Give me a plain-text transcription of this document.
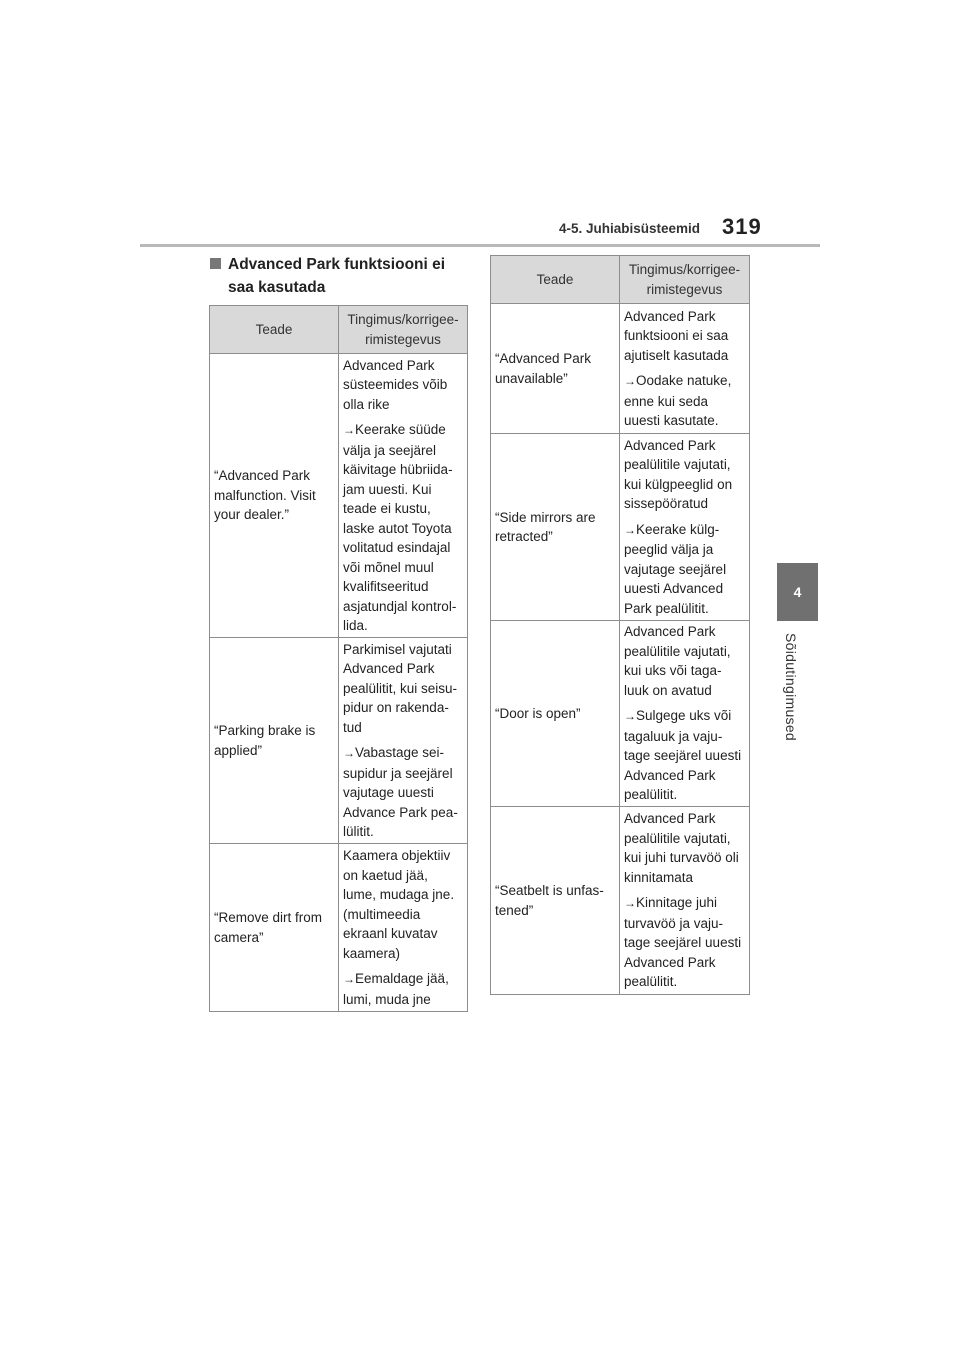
4-5. Juhiabisüsteemid 319
4
Sõidutingimused
Advanced Park funktsiooni ei
saa kasutada
Teade	Tingimus/korrigee-rimistegevus
“Advanced Park malfunction. Visit your dealer.”	Advanced Park süsteemides võib olla rike

→Keerake süüde välja ja seejärel käivitage hübriida-jam uuesti. Kui teade ei kustu, laske autot Toyota volitatud esindajal või mõnel muul kvalifitseeritud asjatundjal kontrol-lida.

“Parking brake is applied”	Parkimisel vajutati Advanced Park pealülitit, kui seisu-pidur on rakenda-tud

→Vabastage sei-supidur ja seejärel vajutage uuesti Advance Park pea-lülitit.

“Remove dirt from camera”	Kaamera objektiiv on kaetud jää, lume, mudaga jne. (multimeedia ekraanl kuvatav kaamera)

→Eemaldage jää, lumi, muda jne

Teade	Tingimus/korrigee-rimistegevus
“Advanced Park unavailable”	Advanced Park funktsiooni ei saa ajutiselt kasutada

→Oodake natuke, enne kui seda uuesti kasutate.

“Side mirrors are retracted”	Advanced Park pealülitile vajutati, kui külgpeeglid on sissepööratud

→Keerake külg-peeglid välja ja vajutage seejärel uuesti Advanced Park pealülitit.

“Door is open”	Advanced Park pealülitile vajutati, kui uks või taga-luuk on avatud

→Sulgege uks või tagaluuk ja vaju-tage seejärel uuesti Advanced Park pealülitit.

“Seatbelt is unfas-tened”	Advanced Park pealülitile vajutati, kui juhi turvavöö oli kinnitamata

→Kinnitage juhi turvavöö ja vaju-tage seejärel uuesti Advanced Park pealülitit.
